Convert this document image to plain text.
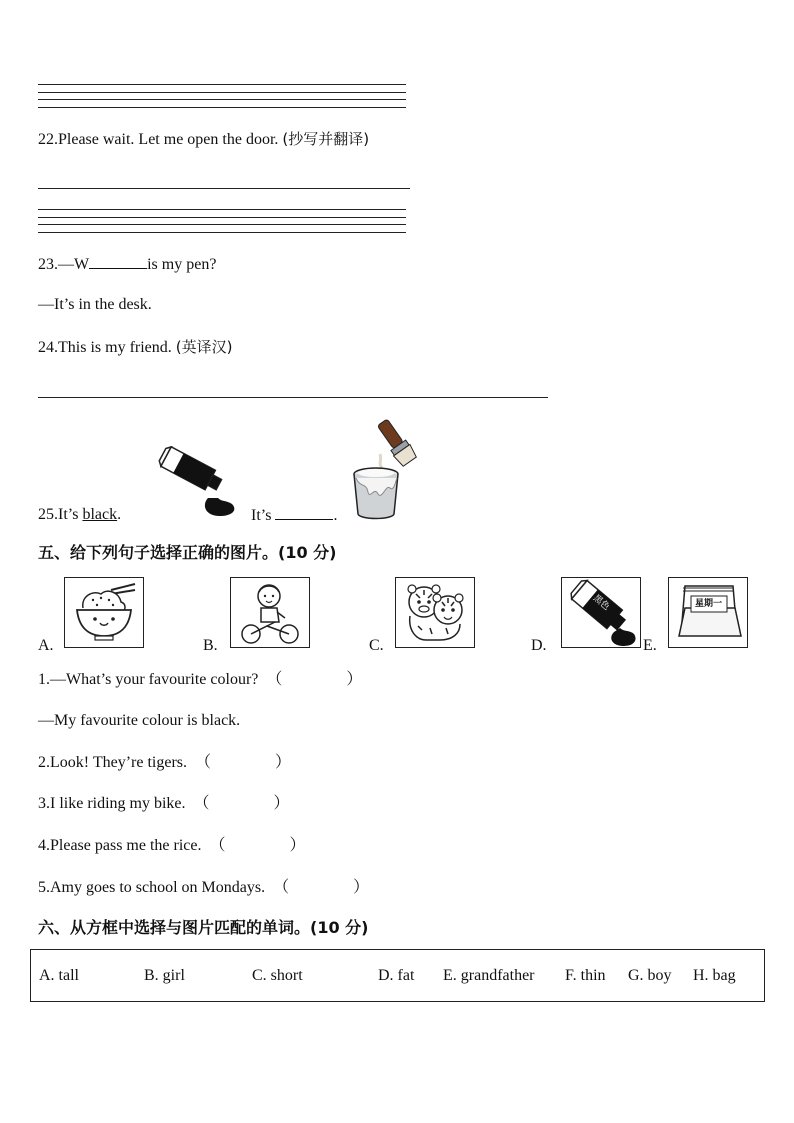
22.Please wait. Let me open the door. (抄写并翻译)
23.—W	is my pen?
—It’s in the desk.
24.This is my friend. (英译汉)
25.It’s black.	It’s	.
五、给下列句子选择正确的图片。(10 分)
A.	B.	C.
黑色
D.
星期一
E.
1.—What’s your favourite colour? （　　　　）
—My favourite colour is black.
2.Look! They’re tigers. （　　　　）
3.I like riding my bike. （　　　　）
4.Please pass me the rice. （　　　　）
5.Amy goes to school on Mondays. （　　　　）
六、从方框中选择与图片匹配的单词。(10 分)
A. tall	B. girl	C. short	D. fat E. grandfather F. thin G. boy H. bag
